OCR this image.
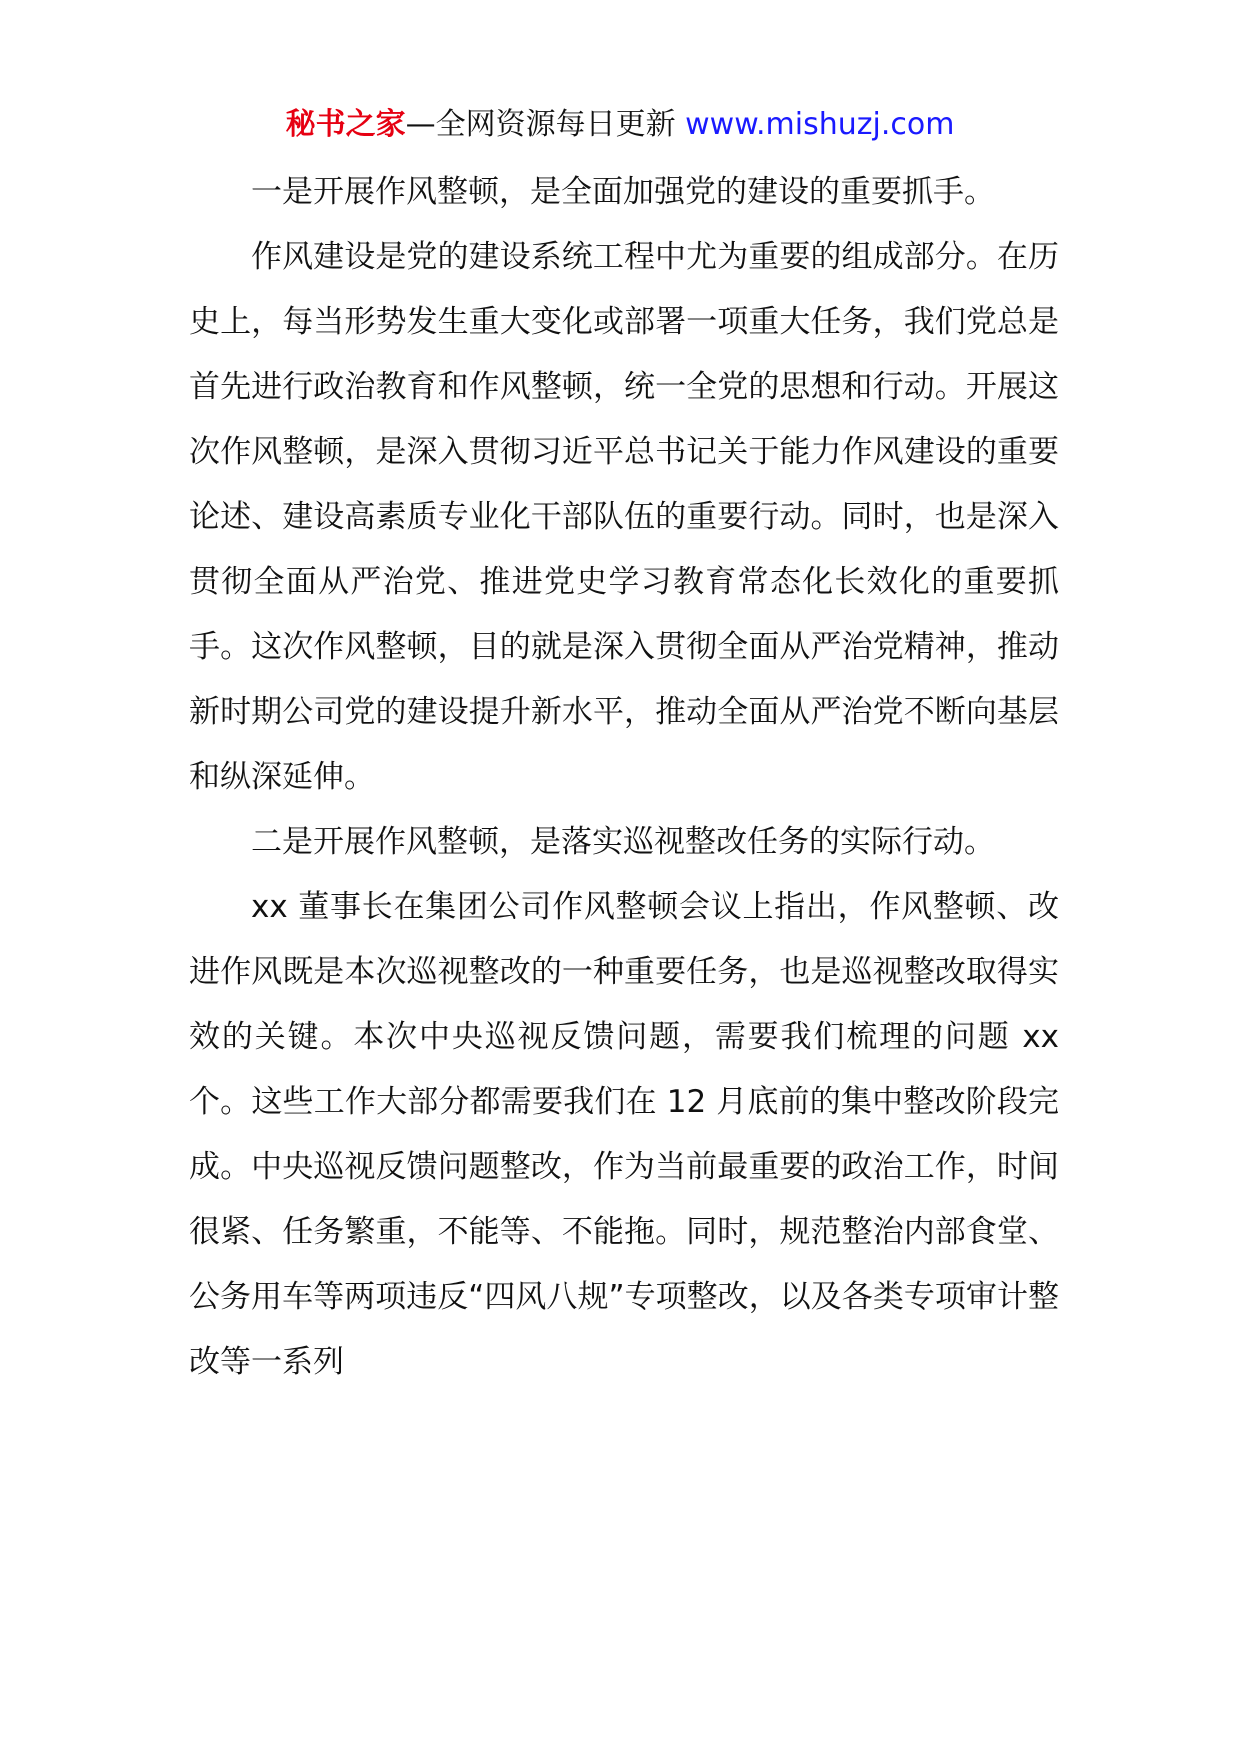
秘书之家—全网资源每日更新 www.mishuzj.com

一是开展作风整顿，是全面加强党的建设的重要抓手。

作风建设是党的建设系统工程中尤为重要的组成部分。在历史上，每当形势发生重大变化或部署一项重大任务，我们党总是首先进行政治教育和作风整顿，统一全党的思想和行动。开展这次作风整顿，是深入贯彻习近平总书记关于能力作风建设的重要论述、建设高素质专业化干部队伍的重要行动。同时，也是深入贯彻全面从严治党、推进党史学习教育常态化长效化的重要抓手。这次作风整顿，目的就是深入贯彻全面从严治党精神，推动新时期公司党的建设提升新水平，推动全面从严治党不断向基层和纵深延伸。

二是开展作风整顿，是落实巡视整改任务的实际行动。

xx 董事长在集团公司作风整顿会议上指出，作风整顿、改进作风既是本次巡视整改的一种重要任务，也是巡视整改取得实效的关键。本次中央巡视反馈问题，需要我们梳理的问题 xx 个。这些工作大部分都需要我们在 12 月底前的集中整改阶段完成。中央巡视反馈问题整改，作为当前最重要的政治工作，时间很紧、任务繁重，不能等、不能拖。同时，规范整治内部食堂、公务用车等两项违反“四风八规”专项整改，以及各类专项审计整改等一系列
